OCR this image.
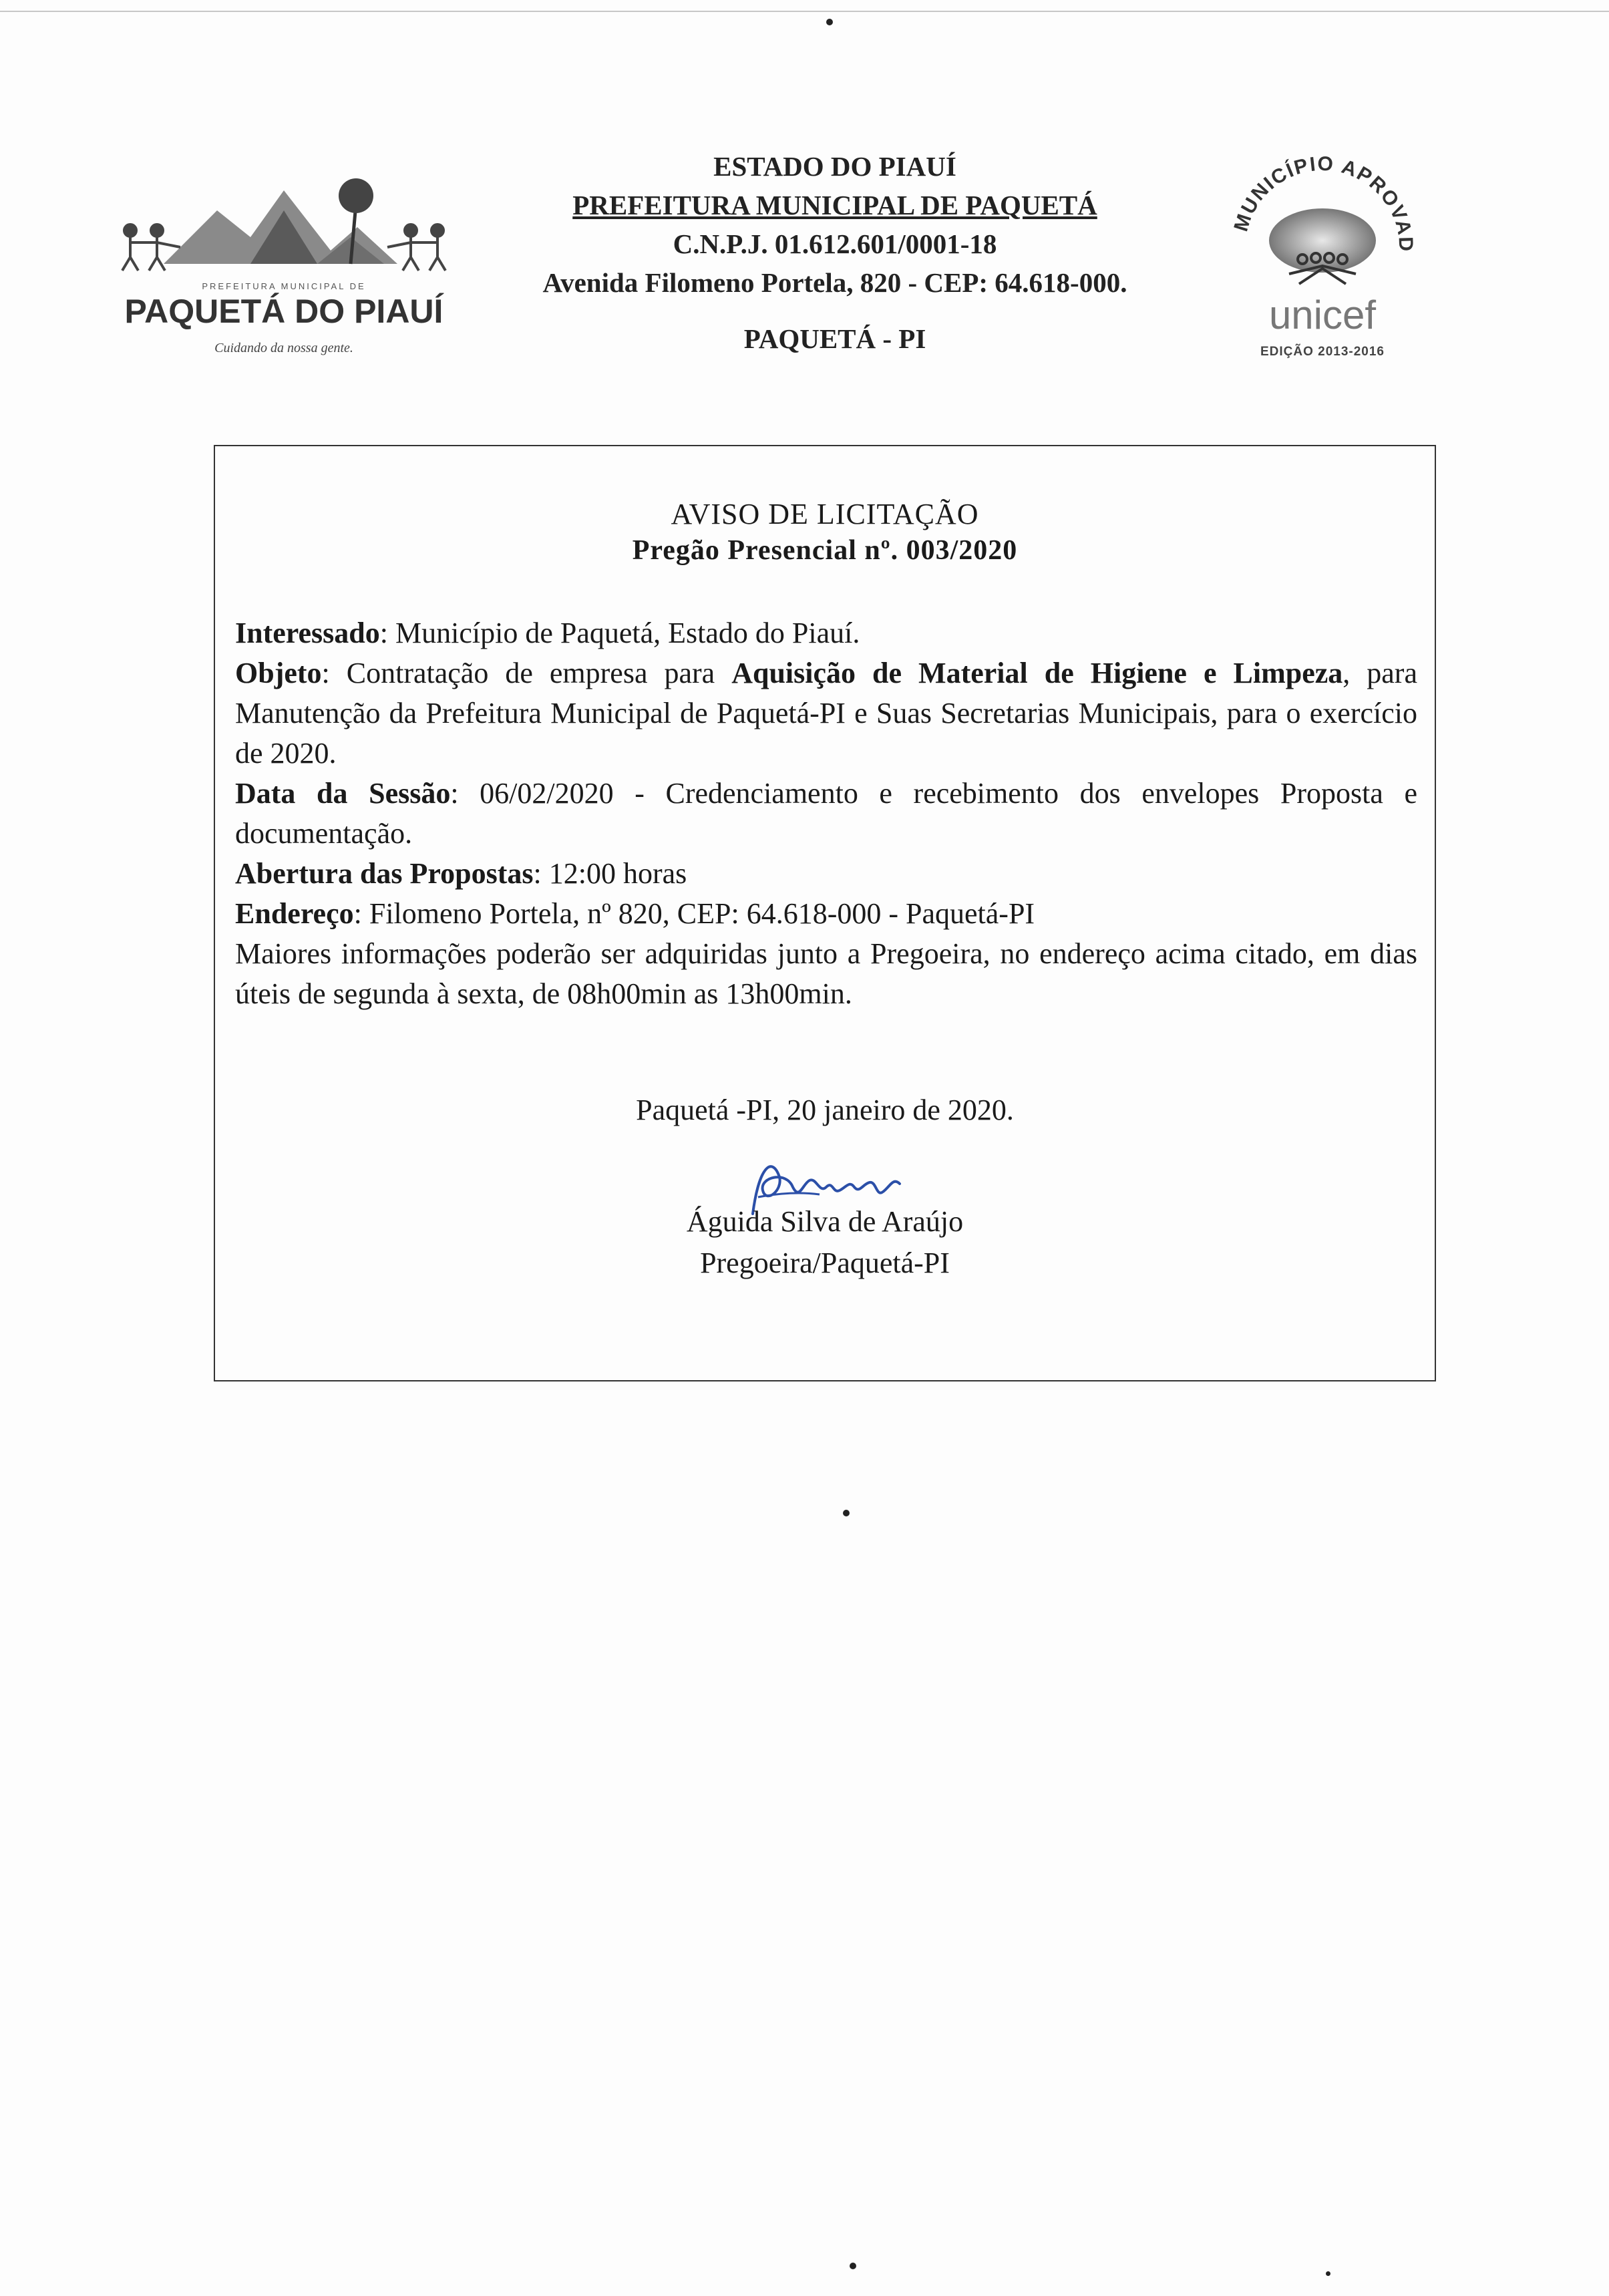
PREFEITURA MUNICIPAL DE
PAQUETÁ DO PIAUÍ
Cuidando da nossa gente.
ESTADO DO PIAUÍ
PREFEITURA MUNICIPAL DE PAQUETÁ
C.N.P.J. 01.612.601/0001-18
Avenida Filomeno Portela, 820 - CEP: 64.618-000.
PAQUETÁ - PI
MUNICÍPIO APROVAD
unicef
EDIÇÃO 2013-2016
AVISO DE LICITAÇÃO
Pregão Presencial nº. 003/2020

Interessado: Município de Paquetá, Estado do Piauí.

Objeto: Contratação de empresa para Aquisição de Material de Higiene e Limpeza, para Manutenção da Prefeitura Municipal de Paquetá-PI e Suas Secretarias Municipais, para o exercício de 2020.

Data da Sessão: 06/02/2020 - Credenciamento e recebimento dos envelopes Proposta e documentação.

Abertura das Propostas: 12:00 horas

Endereço: Filomeno Portela, nº 820, CEP: 64.618-000 - Paquetá-PI

Maiores informações poderão ser adquiridas junto a Pregoeira, no endereço acima citado, em dias úteis de segunda à sexta, de 08h00min as 13h00min.

Paquetá -PI, 20 janeiro de 2020.
Águida Silva de Araújo
Pregoeira/Paquetá-PI
